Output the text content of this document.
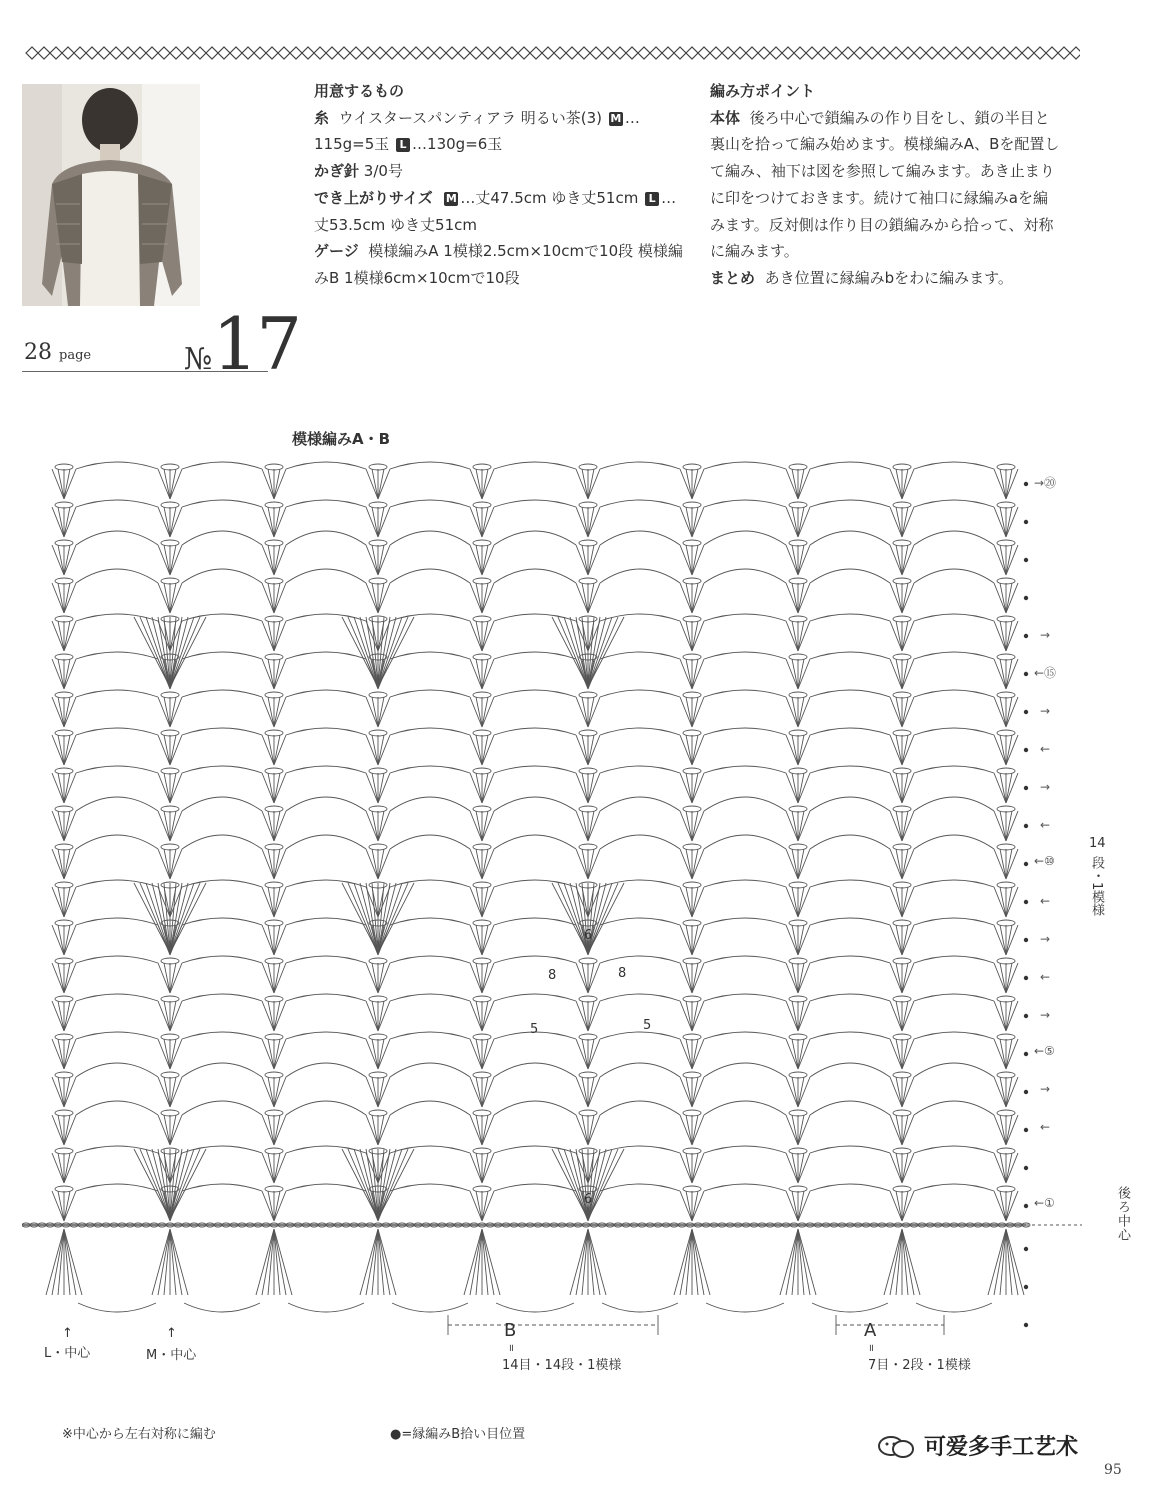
28 page	№17
用意するもの
糸 ウイスタースパンティアラ 明るい茶(3) M …115g=5玉 L …130g=6玉
かぎ針 3/0号
でき上がりサイズ M …丈47.5cm ゆき丈51cm L …丈53.5cm ゆき丈51cm
ゲージ 模様編みA 1模様2.5cm×10cmで10段 模様編みB 1模様6cm×10cmで10段
編み方ポイント
本体 後ろ中心で鎖編みの作り目をし、鎖の半目と裏山を拾って編み始めます。模様編みA、Bを配置して編み、袖下は図を参照して編みます。あき止まりに印をつけておきます。続けて袖口に縁編みaを編みます。反対側は作り目の鎖編みから拾って、対称に編みます。
まとめ あき位置に縁編みbをわに編みます。
模様編みA・B
→⑳
←⑮
←⑩
←⑤
←①
→
→
←
→
←
←
→
←
→
→
←
14
段・1
模様
後ろ中心
6
8	8
5	5
6
↑
L・中心
↑
M・中心
B
॥
14目・14段・1模様
A
॥
7目・2段・1模様
※中心から左右対称に編む	●=縁編みB拾い目位置
可爱多手工艺术
95
